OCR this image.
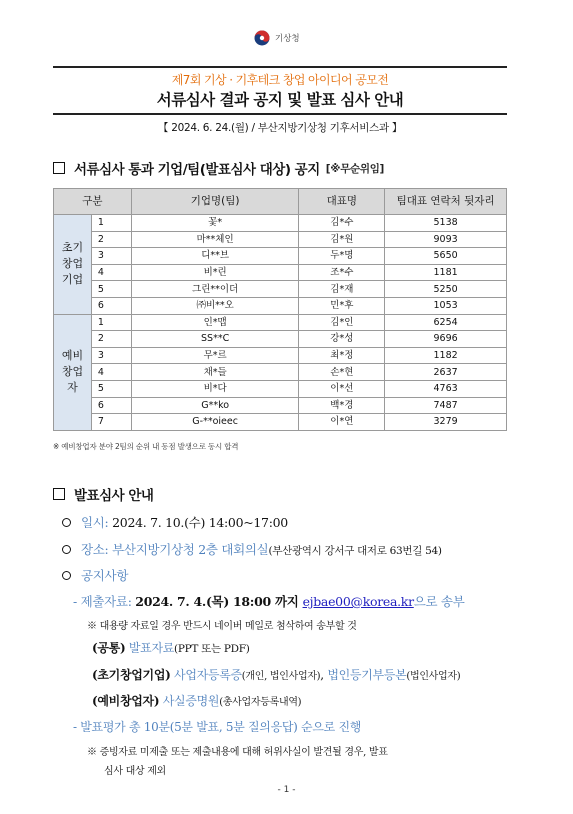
기상청
제7회 기상 · 기후테크 창업 아이디어 공모전
서류심사 결과 공지 및 발표 심사 안내
【 2024. 6. 24.(월) / 부산지방기상청 기후서비스과 】
서류심사 통과 기업/팀(발표심사 대상) 공지 [※무순위임]
구분		기업명(팀)	대표명	팀대표 연락처 뒷자리

초기
창업
기업	1	꽃*	김*수	5138
	2	마**체인	김*원	9093
	3	디**브	두*명	5650
	4	비*린	조*수	1181
	5	그린**이더	김*재	5250
	6	㈜비**오	민*후	1053

예비
창업
자	1	인*맵	김*인	6254
	2	SS**C	강*성	9696
	3	무*르	최*정	1182
	4	채*들	손*현	2637
	5	비*다	이*선	4763
	6	G**ko	백*경	7487
	7	G-**oieec	이*연	3279
※ 예비창업자 분야 2팀의 순위 내 동점 발생으로 동시 합격
발표심사 안내
일시: 2024. 7. 10.(수) 14:00~17:00
장소: 부산지방기상청 2층 대회의실(부산광역시 강서구 대저로 63번길 54)
공지사항
- 제출자료: 2024. 7. 4.(목) 18:00 까지 ejbae00@korea.kr으로 송부
※ 대용량 자료일 경우 반드시 네이버 메일로 첨삭하여 송부할 것
(공통) 발표자료(PPT 또는 PDF)
(초기창업기업) 사업자등록증(개인, 법인사업자), 법인등기부등본(법인사업자)
(예비창업자) 사실증명원(총사업자등록내역)
- 발표평가 총 10분(5분 발표, 5분 질의응답) 순으로 진행
※ 증빙자료 미제출 또는 제출내용에 대해 허위사실이 발견될 경우, 발표
심사 대상 제외
- 1 -
